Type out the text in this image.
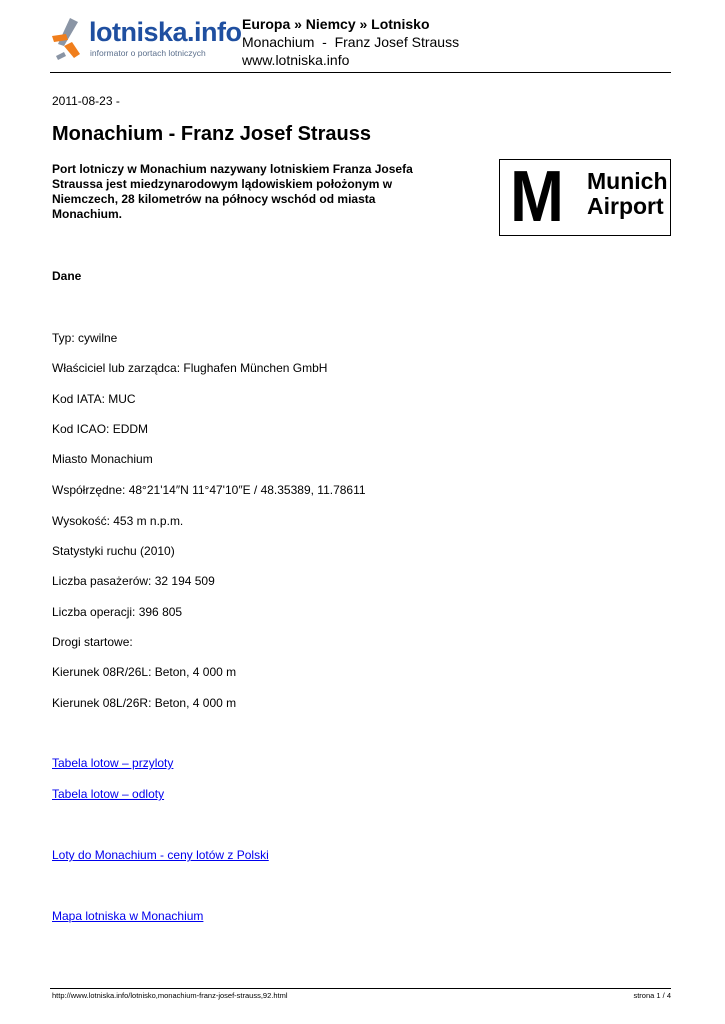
lotniska.info
informator o portach lotniczych
Europa » Niemcy » Lotnisko
Monachium  -  Franz Josef Strauss
www.lotniska.info
2011-08-23 -
Monachium - Franz Josef Strauss
Port lotniczy w Monachium nazywany lotniskiem Franza Josefa Straussa jest miedzynarodowym lądowiskiem położonym w Niemczech, 28 kilometrów na północy wschód od miasta Monachium.	M Munich
Airport
Dane
Typ: cywilne
Właściciel lub zarządca: Flughafen München GmbH
Kod IATA: MUC
Kod ICAO: EDDM
Miasto Monachium
Współrzędne: 48°21'14″N 11°47'10″E / 48.35389, 11.78611
Wysokość: 453 m n.p.m.
Statystyki ruchu (2010)
Liczba pasażerów: 32 194 509
Liczba operacji: 396 805
Drogi startowe:
Kierunek 08R/26L: Beton, 4 000 m
Kierunek 08L/26R: Beton, 4 000 m
Tabela lotow – przyloty
Tabela lotow – odloty
Loty do Monachium - ceny lotów z Polski
Mapa lotniska w Monachium
http://www.lotniska.info/lotnisko,monachium-franz-josef-strauss,92.html	strona 1 / 4
